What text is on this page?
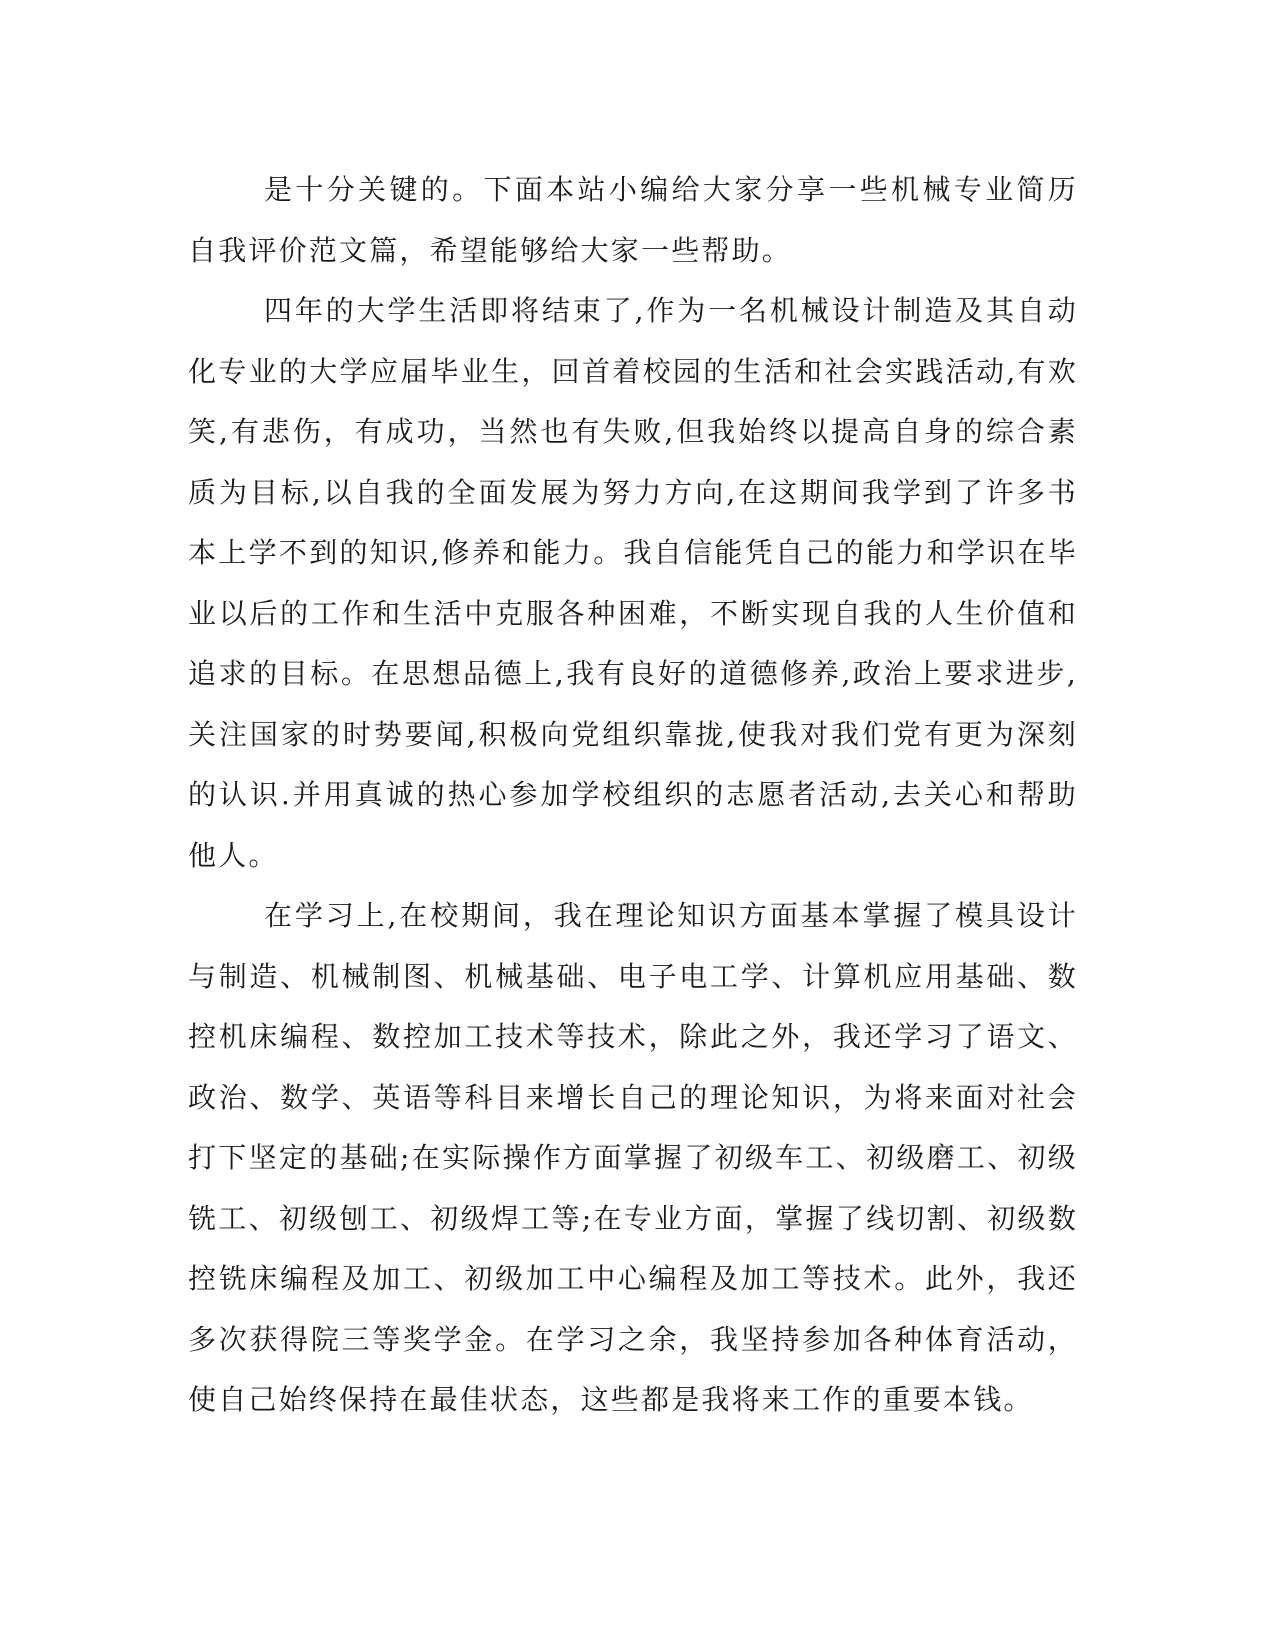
是十分关键的。下面本站小编给大家分享一些机械专业简历自我评价范文篇，希望能够给大家一些帮助。

四年的大学生活即将结束了,作为一名机械设计制造及其自动化专业的大学应届毕业生，回首着校园的生活和社会实践活动,有欢笑,有悲伤，有成功，当然也有失败,但我始终以提高自身的综合素质为目标,以自我的全面发展为努力方向,在这期间我学到了许多书本上学不到的知识,修养和能力。我自信能凭自己的能力和学识在毕业以后的工作和生活中克服各种困难，不断实现自我的人生价值和追求的目标。在思想品德上,我有良好的道德修养,政治上要求进步,关注国家的时势要闻,积极向党组织靠拢,使我对我们党有更为深刻的认识.并用真诚的热心参加学校组织的志愿者活动,去关心和帮助他人。

在学习上,在校期间，我在理论知识方面基本掌握了模具设计与制造、机械制图、机械基础、电子电工学、计算机应用基础、数控机床编程、数控加工技术等技术，除此之外，我还学习了语文、政治、数学、英语等科目来增长自己的理论知识，为将来面对社会打下坚定的基础;在实际操作方面掌握了初级车工、初级磨工、初级铣工、初级刨工、初级焊工等;在专业方面，掌握了线切割、初级数控铣床编程及加工、初级加工中心编程及加工等技术。此外，我还多次获得院三等奖学金。在学习之余，我坚持参加各种体育活动，使自己始终保持在最佳状态，这些都是我将来工作的重要本钱。
